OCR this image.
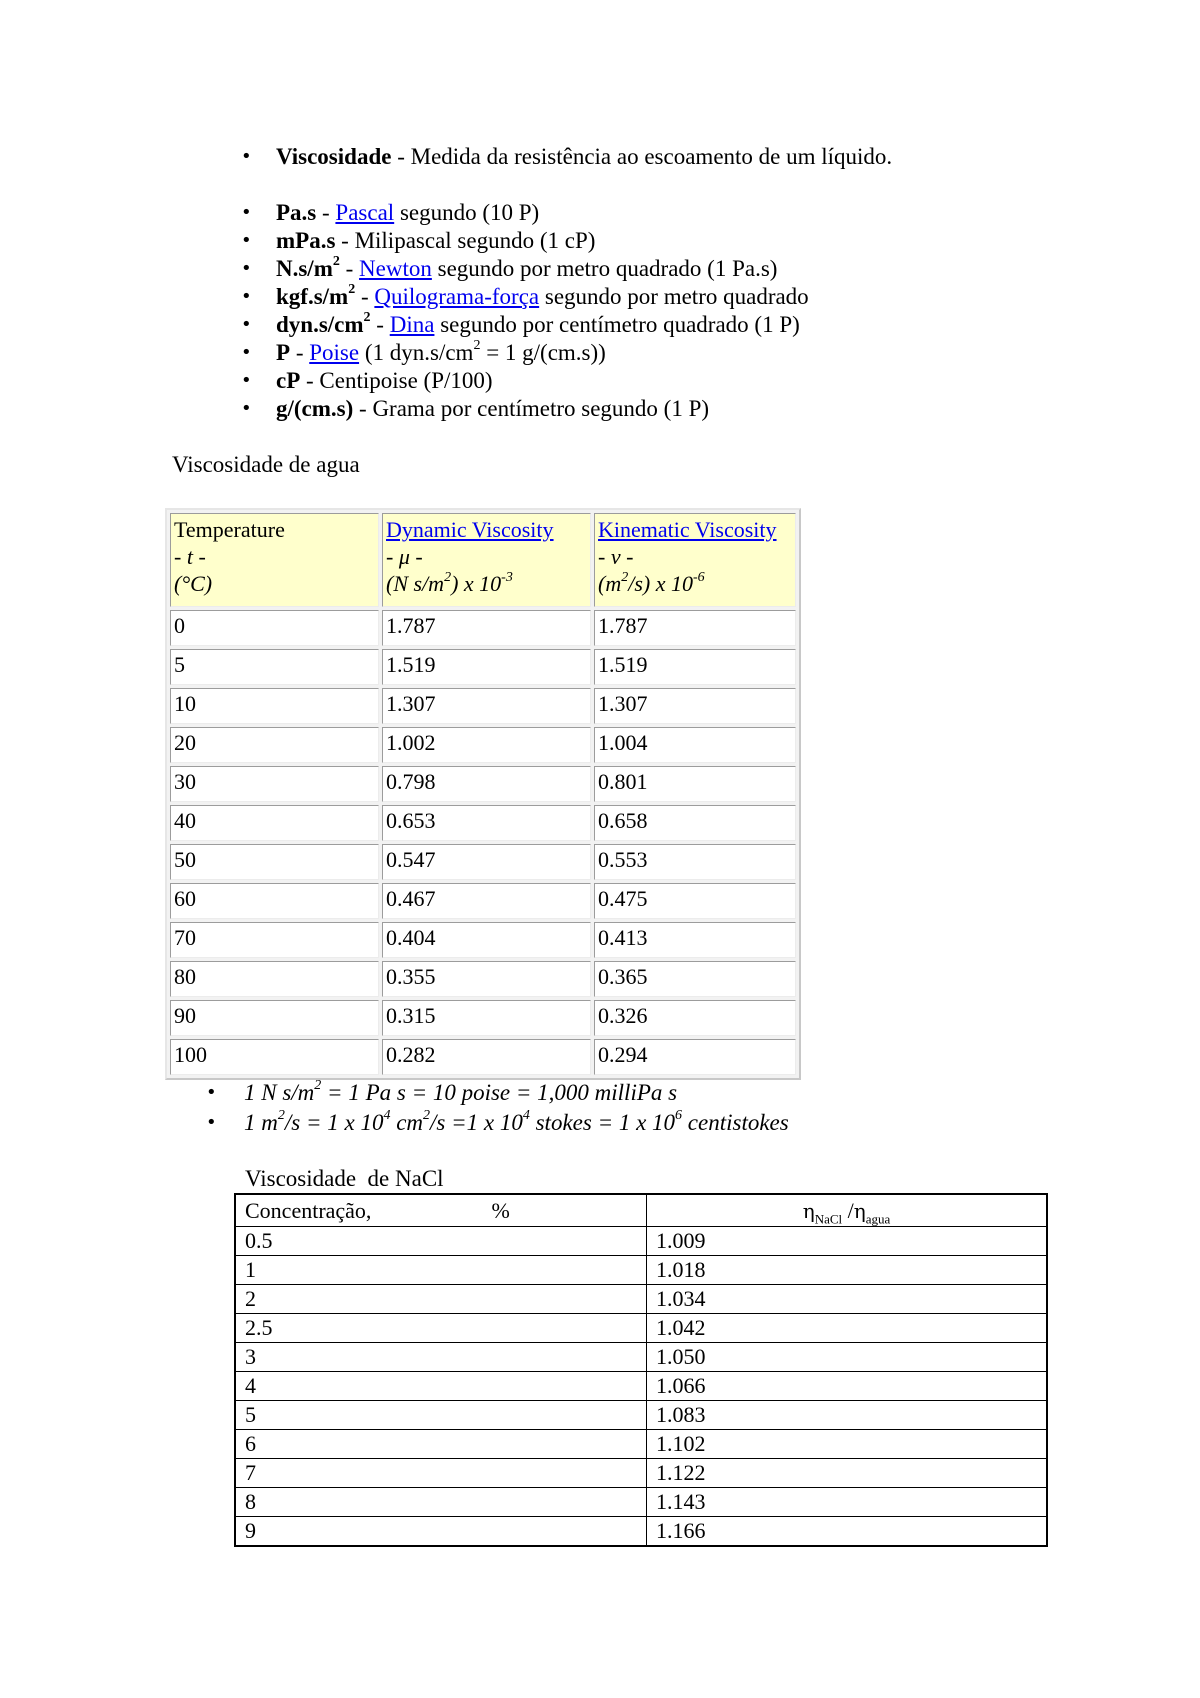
• Viscosidade - Medida da resistência ao escoamento de um líquido.
• Pa.s - Pascal segundo (10 P)
• mPa.s - Milipascal segundo (1 cP)
• $N.s/m^2$ - Newton segundo por metro quadrado (1 Pa.s)
• $kgf.s/m^2$ - Quilograma-força segundo por metro quadrado
• $dyn.s/cm^2$ - Dina segundo por centímetro quadrado (1 P)
• P - Poise (1 $dyn.s/cm^2 = 1$ g/(cm.s))
• cP - Centipoise (P/100)
• g/(cm.s) - Grama por centímetro segundo (1 P)
Viscosidade de agua
Temperature
- t -
(°C)	Dynamic Viscosity
- μ -
(N $s/m^2$) x $10^{-3}$	Kinematic Viscosity
- ν -
$(m^2/s)$ x $10^{-6}$
0	1.787	1.787
5	1.519	1.519
10	1.307	1.307
20	1.002	1.004
30	0.798	0.801
40	0.653	0.658
50	0.547	0.553
60	0.467	0.475
70	0.404	0.413
80	0.355	0.365
90	0.315	0.326
100	0.282	0.294
• 1 N $s/m^2 = 1$ Pa s = 10 poise = 1,000 milliPa s
• 1 $m^2/s = 1$ x $10^4$ $cm^2/s =1$ x $10^4$ stokes = 1 x $10^6$ centistokes
Viscosidade  de NaCl
Concentração, %	$\eta_{NaCl}$ $/\eta_{agua}$
0.5	1.009
1	1.018
2	1.034
2.5	1.042
3	1.050
4	1.066
5	1.083
6	1.102
7	1.122
8	1.143
9	1.166
